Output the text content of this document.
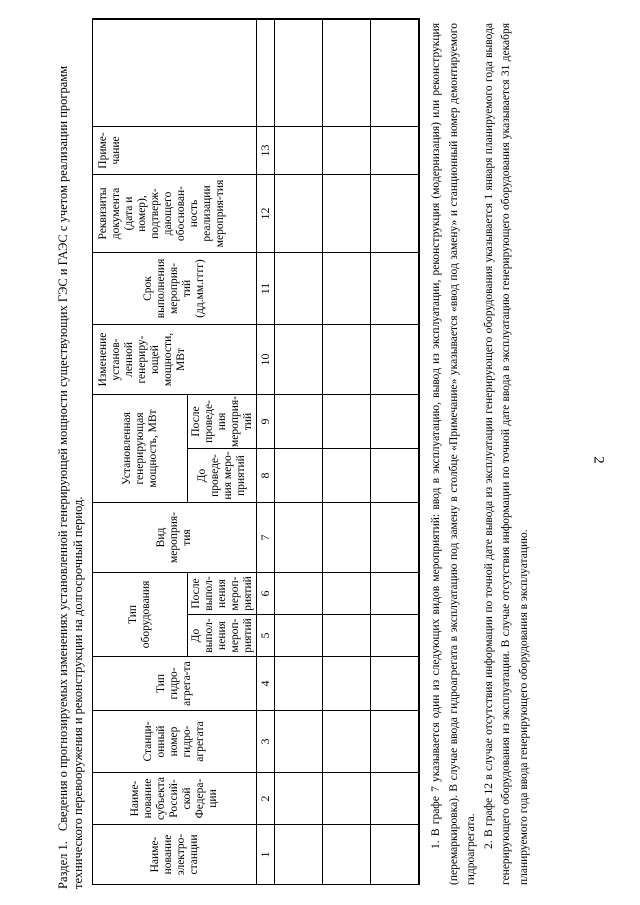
2
Раздел 1.Сведения о прогнозируемых изменениях установленной генерирующей мощности существующих ГЭС и ГАЭС с учетом реализации программ технического перевооружения и реконструкции на долгосрочный период.	Наиме-нование электро-станции
Наиме-нование субъекта Россий-ской Федера-ции
Станци-онный номер гидро-агрегата
Тип гидро-агрега-та
Тип оборудования
Вид мероприя-тия
Установленная генерирующая мощность, МВт
Изменение установ-ленной генериру-ющей мощности, МВт
Срок выполнения мероприя-тий (дд.мм.гггг)
Реквизиты документа (дата и номер), подтверж-дающего обоснован-ность реализации мероприя-тия
Приме-чание
До выпол-нения мероп-риятий
После выпол-нения мероп-риятий
До проведе-ния меро-приятий
После проведе-ния мероприя-тий
1
2
3
4
5
6
7
8
9
10
11
12
13	1. В графе 7 указывается один из следующих видов мероприятий: ввод в эксплуатацию, вывод из эксплуатации, реконструкция (модернизация) или реконструкция (перемаркировка). В случае ввода гидроагрегата в эксплуатацию под замену в столбце «Примечание» указывается «ввод под замену» и станционный номер демонтируемого гидроагрегата.

2. В графе 12 в случае отсутствия информации по точной дате вывода из эксплуатации генерирующего оборудования указывается 1 января планируемого года вывода генерирующего оборудования из эксплуатации. В случае отсутствия информации по точной дате ввода в эксплуатацию генерирующего оборудования указывается 31 декабря планируемого года ввода генерирующего оборудования в эксплуатацию.
